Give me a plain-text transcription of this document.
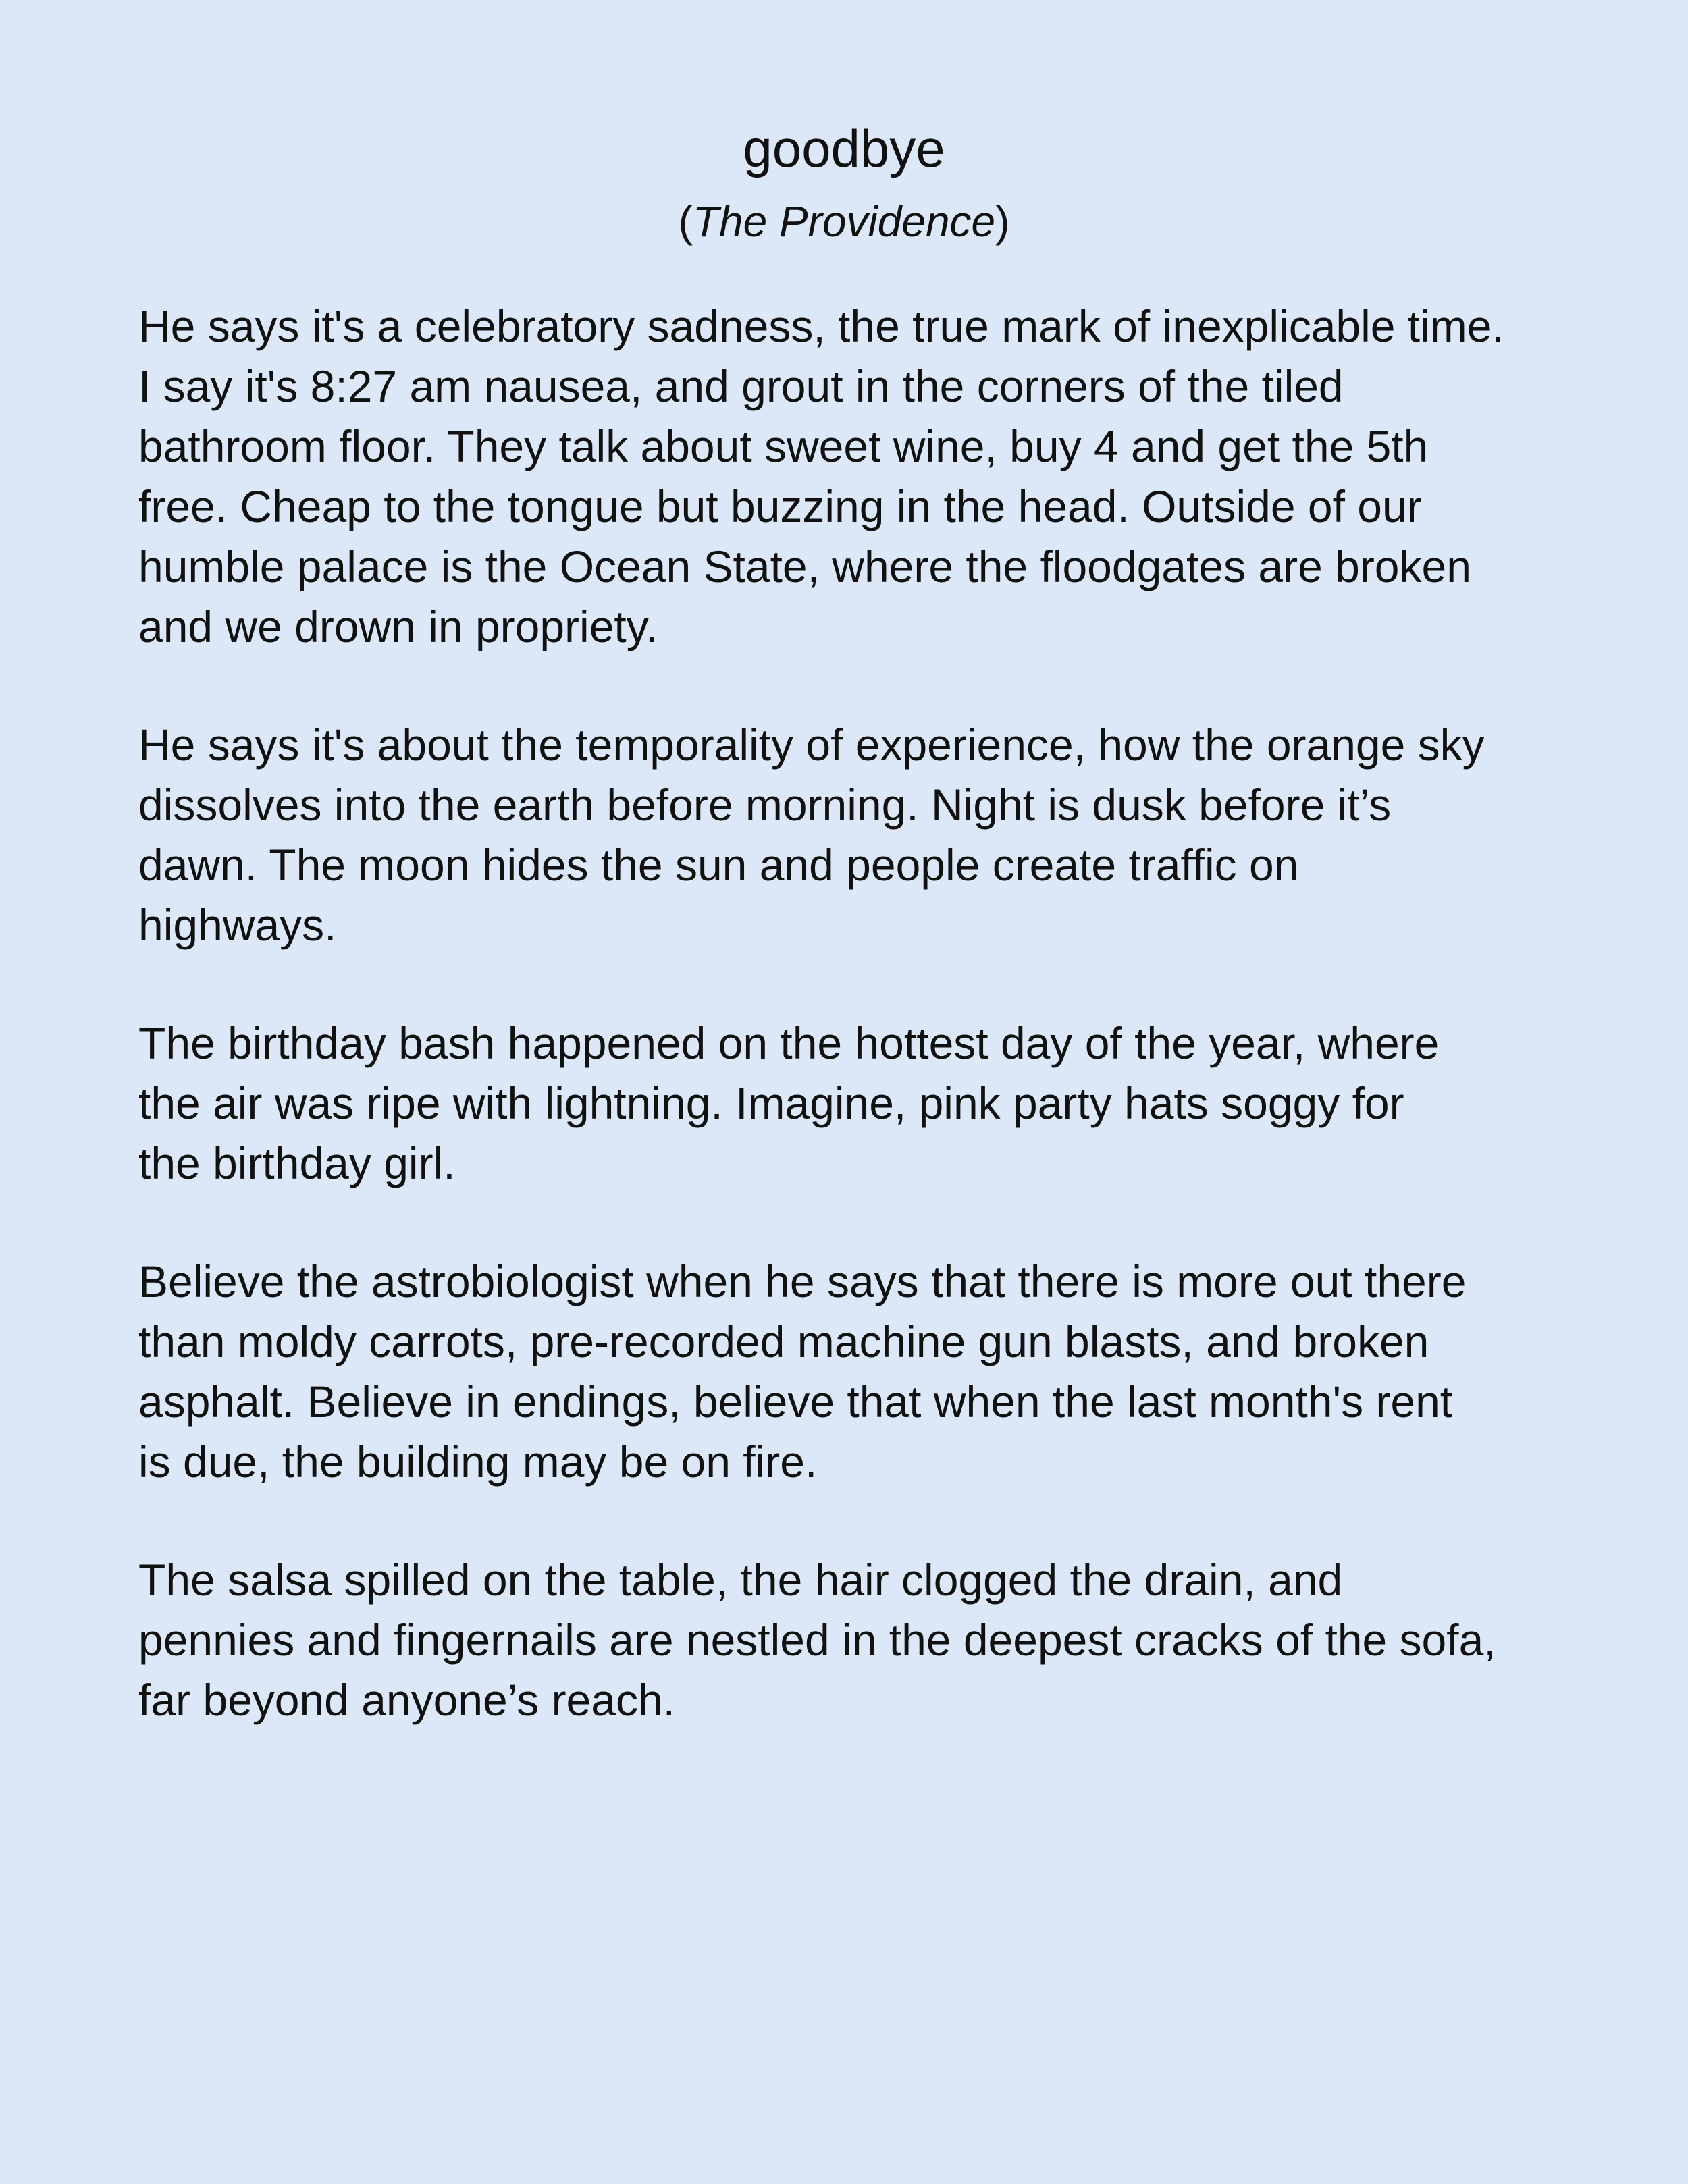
goodbye

(The Providence)

He says it's a celebratory sadness, the true mark of inexplicable time.
I say it's 8:27 am nausea, and grout in the corners of the tiled
bathroom floor. They talk about sweet wine, buy 4 and get the 5th
free. Cheap to the tongue but buzzing in the head. Outside of our
humble palace is the Ocean State, where the floodgates are broken
and we drown in propriety.

He says it's about the temporality of experience, how the orange sky
dissolves into the earth before morning. Night is dusk before it’s
dawn. The moon hides the sun and people create traffic on
highways.

The birthday bash happened on the hottest day of the year, where
the air was ripe with lightning. Imagine, pink party hats soggy for
the birthday girl.

Believe the astrobiologist when he says that there is more out there
than moldy carrots, pre-recorded machine gun blasts, and broken
asphalt. Believe in endings, believe that when the last month's rent
is due, the building may be on fire.

The salsa spilled on the table, the hair clogged the drain, and
pennies and fingernails are nestled in the deepest cracks of the sofa,
far beyond anyone’s reach.
